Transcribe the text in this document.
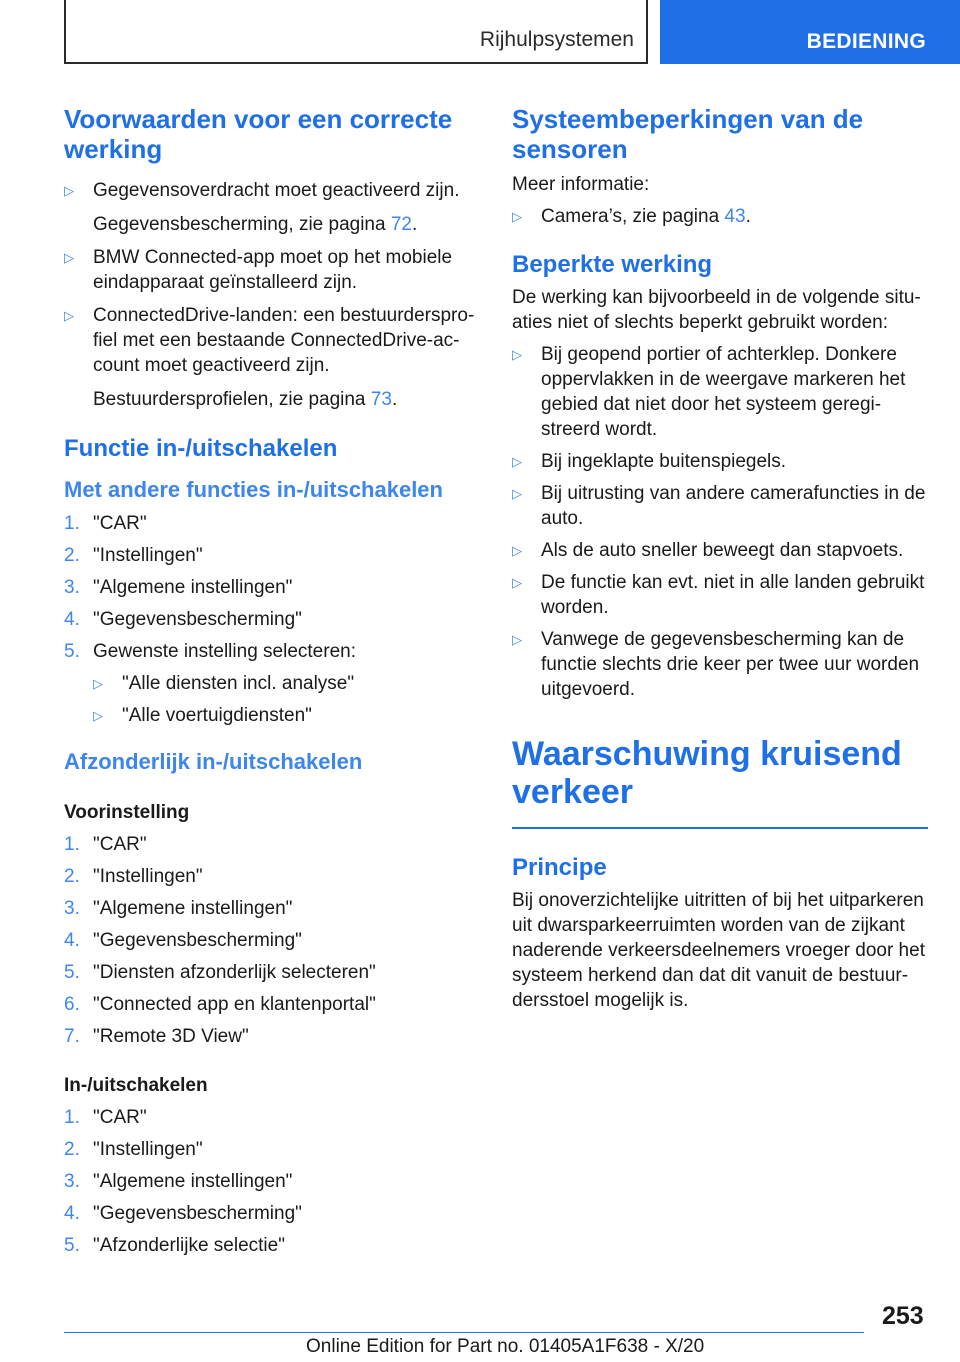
Rijhulpsystemen	BEDIENING
Voorwaarden voor een correcte werking
▷ Gegevensoverdracht moet geactiveerd zijn.
Gegevensbescherming, zie pagina 72.
▷ BMW Connected-app moet op het mobiele eindapparaat geïnstalleerd zijn.
▷ ConnectedDrive-landen: een bestuurdersprofiel met een bestaande ConnectedDrive-account moet geactiveerd zijn.
Bestuurdersprofielen, zie pagina 73.
Functie in-/uitschakelen
Met andere functies in-/uitschakelen
1. "CAR"
2. "Instellingen"
3. "Algemene instellingen"
4. "Gegevensbescherming"
5. Gewenste instelling selecteren:
▷ "Alle diensten incl. analyse"
▷ "Alle voertuigdiensten"
Afzonderlijk in-/uitschakelen
Voorinstelling
1. "CAR"
2. "Instellingen"
3. "Algemene instellingen"
4. "Gegevensbescherming"
5. "Diensten afzonderlijk selecteren"
6. "Connected app en klantenportal"
7. "Remote 3D View"
In-/uitschakelen
1. "CAR"
2. "Instellingen"
3. "Algemene instellingen"
4. "Gegevensbescherming"
5. "Afzonderlijke selectie"
Systeembeperkingen van de sensoren

Meer informatie:

▷ Camera’s, zie pagina 43.
Beperkte werking

De werking kan bijvoorbeeld in de volgende situaties niet of slechts beperkt gebruikt worden:

▷ Bij geopend portier of achterklep. Donkere oppervlakken in de weergave markeren het gebied dat niet door het systeem geregistreerd wordt.
▷ Bij ingeklapte buitenspiegels.
▷ Bij uitrusting van andere camerafuncties in de auto.
▷ Als de auto sneller beweegt dan stapvoets.
▷ De functie kan evt. niet in alle landen gebruikt worden.
▷ Vanwege de gegevensbescherming kan de functie slechts drie keer per twee uur worden uitgevoerd.
Waarschuwing kruisend verkeer
Principe

Bij onoverzichtelijke uitritten of bij het uitparkeren uit dwarsparkeerruimten worden van de zijkant naderende verkeersdeelnemers vroeger door het systeem herkend dan dat dit vanuit de bestuurdersstoel mogelijk is.

253
Online Edition for Part no. 01405A1F638 - X/20
